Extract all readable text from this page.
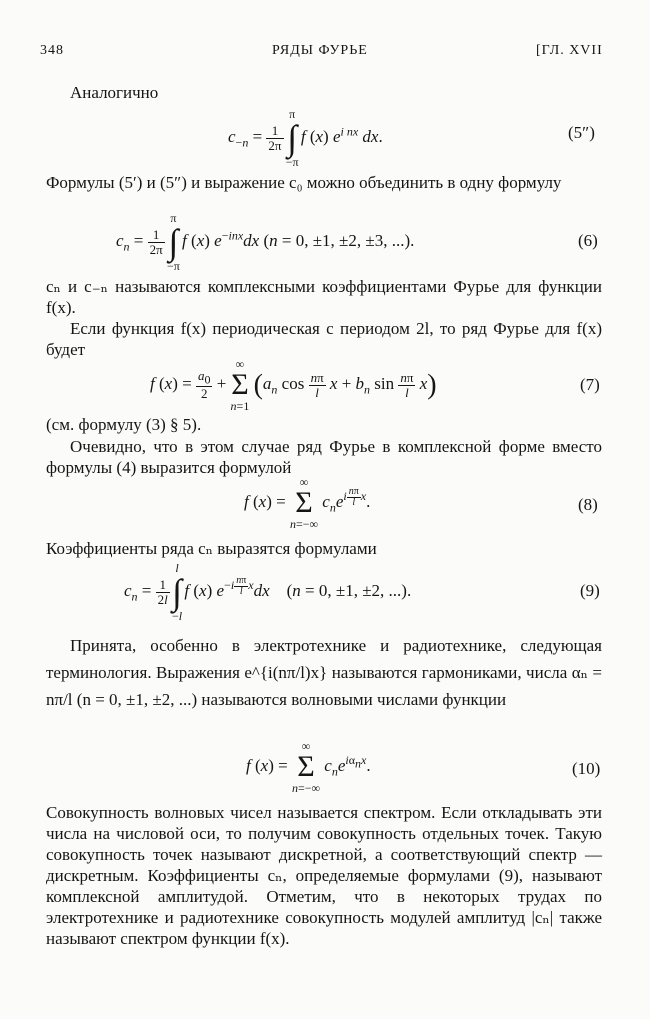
348	РЯДЫ ФУРЬЕ	[ГЛ. XVII
Аналогично
$c_{-n} = \frac{1}{2\pi}$
π
∫
−π f (x) $e^{i nx}$ dx.	(5″)
Формулы (5′) и (5″) и выражение c₀ можно объединить в одну формулу
$c_n = \frac{1}{2\pi}$
π
∫
−π f (x) $e^{-inx}dx$ (n = 0, ±1, ±2, ±3, ...).	(6)
cₙ и c₋ₙ называются комплексными коэффициентами Фурье для функции f(x).
Если функция f(x) периодическая с периодом 2l, то ряд Фурье для f(x) будет
f $(x) = \frac{a_0}{2}$ + ∞
Σ
n=1 ($a_n$ $\cos \frac{n\pi}{l}$ $x + b_n$ $\sin \frac{n\pi}{l} x$)	(7)
(см. формулу (3) § 5).
Очевидно, что в этом случае ряд Фурье в комплексной форме вместо формулы (4) выразится формулой
f (x) = ∞
Σ
n=−∞ $c_ne^{i \frac{n\pi}{l} x}$.	(8)
Коэффициенты ряда cₙ выразятся формулами
$c_n = \frac{1}{2l}$
l
∫
−l f (x) $e^{-i \frac{n\pi}{l} x}dx$    (n = 0, ±1, ±2, ...).	(9)
Принята, особенно в электротехнике и радиотехнике, следующая терминология. Выражения e^{i(nπ/l)x} называются гармониками, числа αₙ = nπ/l (n = 0, ±1, ±2, ...) называются волновыми числами функции
f (x) = ∞
Σ
n=−∞ $c_ne^{i\alpha_nx}$.	(10)
Совокупность волновых чисел называется спектром. Если откладывать эти числа на числовой оси, то получим совокупность отдельных точек. Такую совокупность точек называют дискретной, а соответствующий спектр — дискретным. Коэффициенты cₙ, определяемые формулами (9), называют комплексной амплитудой. Отметим, что в некоторых трудах по электротехнике и радиотехнике совокупность модулей амплитуд |cₙ| также называют спектром функции f(x).
